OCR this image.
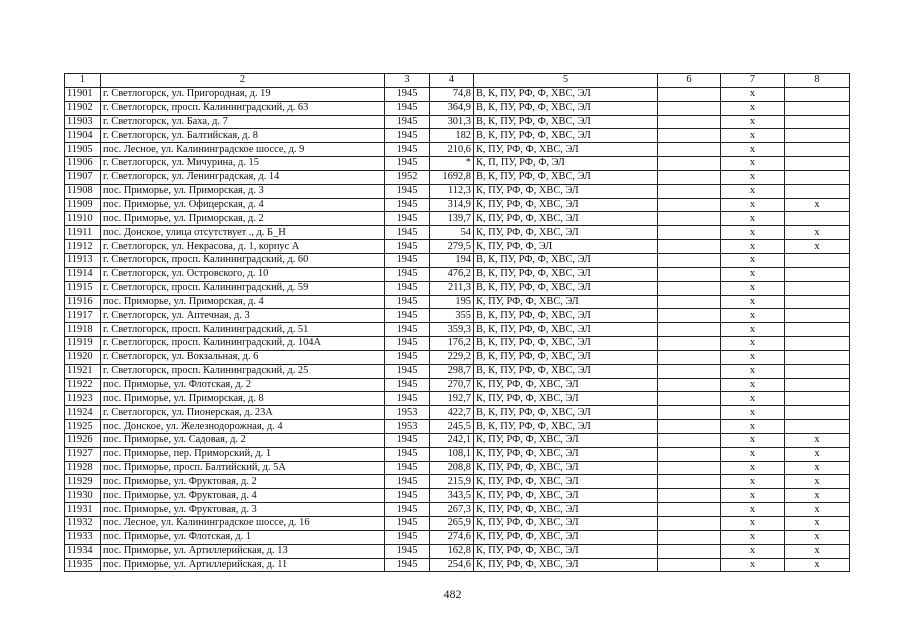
1	2	3	4	5	6	7	8
11901	г. Светлогорск, ул. Пригородная, д. 19	1945	74,8	В, К, ПУ, РФ, Ф, ХВС, ЭЛ		x	
11902	г. Светлогорск, просп. Калининградский, д. 63	1945	364,9	В, К, ПУ, РФ, Ф, ХВС, ЭЛ		x	
11903	г. Светлогорск, ул. Баха, д. 7	1945	301,3	В, К, ПУ, РФ, Ф, ХВС, ЭЛ		x	
11904	г. Светлогорск, ул. Балтийская, д. 8	1945	182	В, К, ПУ, РФ, Ф, ХВС, ЭЛ		x	
11905	пос. Лесное, ул. Калининградское шоссе, д. 9	1945	210,6	К, ПУ, РФ, Ф, ХВС, ЭЛ		x	
11906	г. Светлогорск, ул. Мичурина, д. 15	1945	*	К, П, ПУ, РФ, Ф, ЭЛ		x	
11907	г. Светлогорск, ул. Ленинградская, д. 14	1952	1692,8	В, К, ПУ, РФ, Ф, ХВС, ЭЛ		x	
11908	пос. Приморье, ул. Приморская, д. 3	1945	112,3	К, ПУ, РФ, Ф, ХВС, ЭЛ		x	
11909	пос. Приморье, ул. Офицерская, д. 4	1945	314,9	К, ПУ, РФ, Ф, ХВС, ЭЛ		x	x
11910	пос. Приморье, ул. Приморская, д. 2	1945	139,7	К, ПУ, РФ, Ф, ХВС, ЭЛ		x	
11911	пос. Донское, улица отсутствует ., д. Б_Н	1945	54	К, ПУ, РФ, Ф, ХВС, ЭЛ		x	x
11912	г. Светлогорск, ул. Некрасова, д. 1, корпус А	1945	279,5	К, ПУ, РФ, Ф, ЭЛ		x	x
11913	г. Светлогорск, просп. Калининградский, д. 60	1945	194	В, К, ПУ, РФ, Ф, ХВС, ЭЛ		x	
11914	г. Светлогорск, ул. Островского, д. 10	1945	476,2	В, К, ПУ, РФ, Ф, ХВС, ЭЛ		x	
11915	г. Светлогорск, просп. Калининградский, д. 59	1945	211,3	В, К, ПУ, РФ, Ф, ХВС, ЭЛ		x	
11916	пос. Приморье, ул. Приморская, д. 4	1945	195	К, ПУ, РФ, Ф, ХВС, ЭЛ		x	
11917	г. Светлогорск, ул. Аптечная, д. 3	1945	355	В, К, ПУ, РФ, Ф, ХВС, ЭЛ		x	
11918	г. Светлогорск, просп. Калининградский, д. 51	1945	359,3	В, К, ПУ, РФ, Ф, ХВС, ЭЛ		x	
11919	г. Светлогорск, просп. Калининградский, д. 104А	1945	176,2	В, К, ПУ, РФ, Ф, ХВС, ЭЛ		x	
11920	г. Светлогорск, ул. Вокзальная, д. 6	1945	229,2	В, К, ПУ, РФ, Ф, ХВС, ЭЛ		x	
11921	г. Светлогорск, просп. Калининградский, д. 25	1945	298,7	В, К, ПУ, РФ, Ф, ХВС, ЭЛ		x	
11922	пос. Приморье, ул. Флотская, д. 2	1945	270,7	К, ПУ, РФ, Ф, ХВС, ЭЛ		x	
11923	пос. Приморье, ул. Приморская, д. 8	1945	192,7	К, ПУ, РФ, Ф, ХВС, ЭЛ		x	
11924	г. Светлогорск, ул. Пионерская, д. 23А	1953	422,7	В, К, ПУ, РФ, Ф, ХВС, ЭЛ		x	
11925	пос. Донское, ул. Железнодорожная, д. 4	1953	245,5	В, К, ПУ, РФ, Ф, ХВС, ЭЛ		x	
11926	пос. Приморье, ул. Садовая, д. 2	1945	242,1	К, ПУ, РФ, Ф, ХВС, ЭЛ		x	x
11927	пос. Приморье, пер. Приморский, д. 1	1945	108,1	К, ПУ, РФ, Ф, ХВС, ЭЛ		x	x
11928	пос. Приморье, просп. Балтийский, д. 5А	1945	208,8	К, ПУ, РФ, Ф, ХВС, ЭЛ		x	x
11929	пос. Приморье, ул. Фруктовая, д. 2	1945	215,9	К, ПУ, РФ, Ф, ХВС, ЭЛ		x	x
11930	пос. Приморье, ул. Фруктовая, д. 4	1945	343,5	К, ПУ, РФ, Ф, ХВС, ЭЛ		x	x
11931	пос. Приморье, ул. Фруктовая, д. 3	1945	267,3	К, ПУ, РФ, Ф, ХВС, ЭЛ		x	x
11932	пос. Лесное, ул. Калининградское шоссе, д. 16	1945	265,9	К, ПУ, РФ, Ф, ХВС, ЭЛ		x	x
11933	пос. Приморье, ул. Флотская, д. 1	1945	274,6	К, ПУ, РФ, Ф, ХВС, ЭЛ		x	x
11934	пос. Приморье, ул. Артиллерийская, д. 13	1945	162,8	К, ПУ, РФ, Ф, ХВС, ЭЛ		x	x
11935	пос. Приморье, ул. Артиллерийская, д. 11	1945	254,6	К, ПУ, РФ, Ф, ХВС, ЭЛ		x	x
482
